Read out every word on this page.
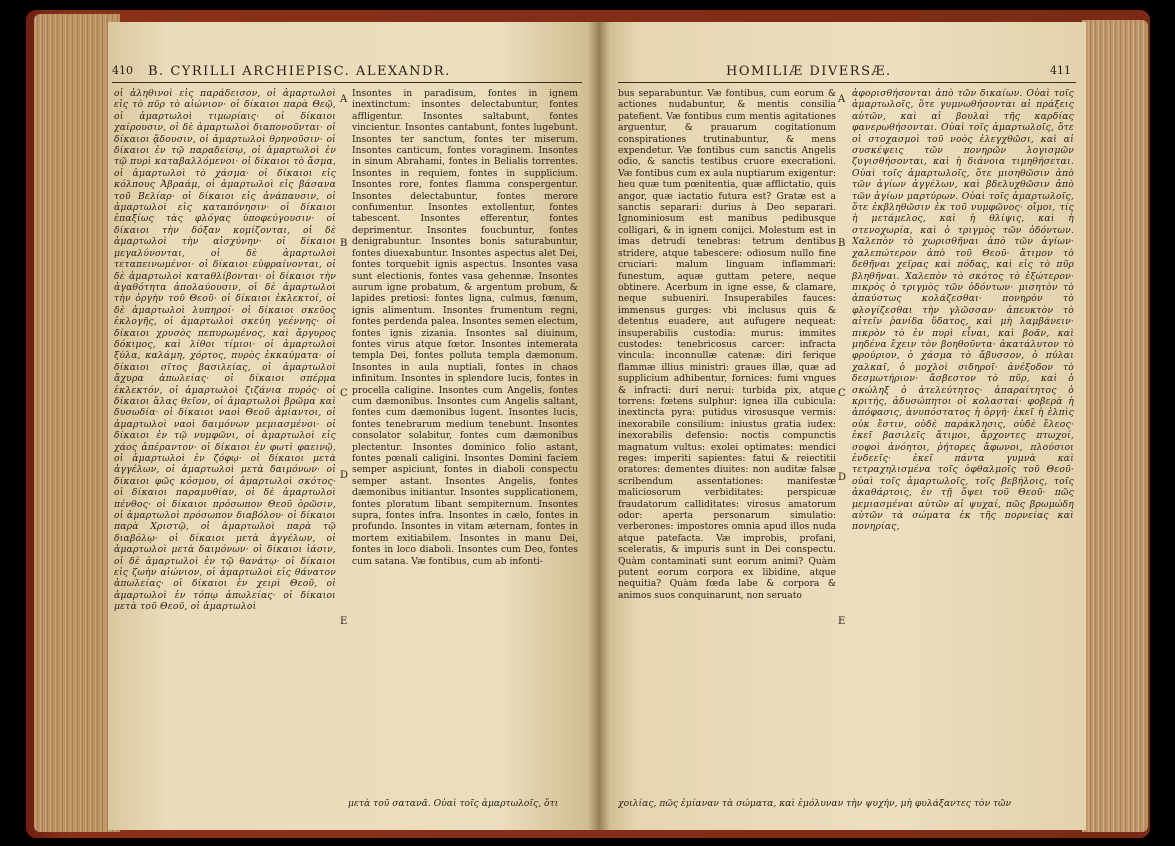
410 B. CYRILLI ARCHIEPISC. ALEXANDR.
οἱ ἀληθινοὶ εἰς παράδεισον, οἱ ἁμαρτωλοὶ εἰς τὸ πῦρ τὸ αἰώνιον· οἱ δίκαιοι παρὰ Θεῷ, οἱ ἁμαρτωλοὶ τιμωρίαις· οἱ δίκαιοι χαίρουσιν, οἱ δὲ ἁμαρτωλοὶ διαπονοῦνται· οἱ δίκαιοι ᾄδουσιν, οἱ ἁμαρτωλοὶ θρηνοῦσιν· οἱ δίκαιοι ἐν τῷ παραδείσῳ, οἱ ἁμαρτωλοὶ ἐν τῷ πυρὶ καταβαλλόμενοι· οἱ δίκαιοι τὸ ἄσμα, οἱ ἁμαρτωλοὶ τὸ χάσμα· οἱ δίκαιοι εἰς κόλπους Ἀβραάμ, οἱ ἁμαρτωλοὶ εἰς βάσανα τοῦ Βελίαρ· οἱ δίκαιοι εἰς ἀνάπαυσιν, οἱ ἁμαρτωλοὶ εἰς καταπόνησιν· οἱ δίκαιοι ἐπαξίως τὰς φλόγας ὑποφεύγουσιν· οἱ δίκαιοι τὴν δόξαν κομίζονται, οἱ δὲ ἁμαρτωλοὶ τὴν αἰσχύνην· οἱ δίκαιοι μεγαλύνονται, οἱ δὲ ἁμαρτωλοὶ τεταπεινωμένοι· οἱ δίκαιοι εὐφραίνονται, οἱ δὲ ἁμαρτωλοὶ καταθλίβονται· οἱ δίκαιοι τὴν ἀγαθότητα ἀπολαύουσιν, οἱ δὲ ἁμαρτωλοὶ τὴν ὀργὴν τοῦ Θεοῦ· οἱ δίκαιοι ἐκλεκτοί, οἱ δὲ ἁμαρτωλοὶ λυπηροί· οἱ δίκαιοι σκεῦος ἐκλογῆς, οἱ ἁμαρτωλοὶ σκεύη γεέννης· οἱ δίκαιοι χρυσὸς πεπυρωμένος, καὶ ἄργυρος δόκιμος, καὶ λίθοι τίμιοι· οἱ ἁμαρτωλοὶ ξύλα, καλάμη, χόρτος, πυρὸς ἐκκαύματα· οἱ δίκαιοι σῖτος βασιλείας, οἱ ἁμαρτωλοὶ ἄχυρα ἀπωλείας· οἱ δίκαιοι σπέρμα ἐκλεκτόν, οἱ ἁμαρτωλοὶ ζιζάνια πυρός· οἱ δίκαιοι ἅλας θεῖον, οἱ ἁμαρτωλοὶ βρῶμα καὶ δυσωδία· οἱ δίκαιοι ναοὶ Θεοῦ ἀμίαντοι, οἱ ἁμαρτωλοὶ ναοὶ δαιμόνων μεμιασμένοι· οἱ δίκαιοι ἐν τῷ νυμφῶνι, οἱ ἁμαρτωλοὶ εἰς χάος ἀπέραντον· οἱ δίκαιοι ἐν φωτὶ φαεινῷ, οἱ ἁμαρτωλοὶ ἐν ζόφῳ· οἱ δίκαιοι μετὰ ἀγγέλων, οἱ ἁμαρτωλοὶ μετὰ δαιμόνων· οἱ δίκαιοι φῶς κόσμου, οἱ ἁμαρτωλοὶ σκότος· οἱ δίκαιοι παραμυθίαν, οἱ δὲ ἁμαρτωλοὶ πένθος· οἱ δίκαιοι πρόσωπον Θεοῦ ὁρῶσιν, οἱ ἁμαρτωλοὶ πρόσωπον διαβόλου· οἱ δίκαιοι παρὰ Χριστῷ, οἱ ἁμαρτωλοὶ παρὰ τῷ διαβόλῳ· οἱ δίκαιοι μετὰ ἀγγέλων, οἱ ἁμαρτωλοὶ μετὰ δαιμόνων· οἱ δίκαιοι ἰάσιν, οἱ δὲ ἁμαρτωλοὶ ἐν τῷ θανάτῳ· οἱ δίκαιοι εἰς ζωὴν αἰώνιον, οἱ ἁμαρτωλοὶ εἰς θάνατον ἀπωλείας· οἱ δίκαιοι ἐν χειρὶ Θεοῦ, οἱ ἁμαρτωλοὶ ἐν τόπῳ ἀπωλείας· οἱ δίκαιοι μετὰ τοῦ Θεοῦ, οἱ ἁμαρτωλοὶ
A
B
C
D
E
Insontes in paradisum, fontes in ignem inextinctum: insontes delectabuntur, fontes affligentur. Insontes saltabunt, fontes vincientur. Insontes cantabunt, fontes lugebunt. Insontes ter sanctum, fontes ter miserum. Insontes canticum, fontes voraginem. Insontes in sinum Abrahami, fontes in Belialis torrentes. Insontes in requiem, fontes in supplicium. Insontes rore, fontes flamma conspergentur. Insontes delectabuntur, fontes merore confumentur. Insontes extollentur, fontes tabescent. Insontes efferentur, fontes deprimentur. Insontes foucbuntur, fontes denigrabuntur. Insontes bonis saturabuntur, fontes diuexabuntur. Insontes aspectus alet Dei, fontes torquebit ignis aspectus. Insontes vasa sunt electionis, fontes vasa gehennæ. Insontes aurum igne probatum, & argentum probum, & lapides pretiosi: fontes ligna, culmus, fœnum, ignis alimentum. Insontes frumentum regni, fontes perdenda palea. Insontes semen electum, fontes ignis zizania. Insontes sal diuinum, fontes virus atque fœtor. Insontes intemerata templa Dei, fontes polluta templa dæmonum. Insontes in aula nuptiali, fontes in chaos infinitum. Insontes in splendore lucis, fontes in procella caligine. Insontes cum Angelis, fontes cum dæmonibus. Insontes cum Angelis saltant, fontes cum dæmonibus lugent. Insontes lucis, fontes tenebrarum medium tenebunt. Insontes consolator solabitur, fontes cum dæmonibus plectentur. Insontes dominico folio astant, fontes pœnali caligini. Insontes Domini faciem semper aspiciunt, fontes in diaboli conspectu semper astant. Insontes Angelis, fontes dæmonibus initiantur. Insontes supplicationem, fontes ploratum libant sempiternum. Insontes supra, fontes infra. Insontes in cælo, fontes in profundo. Insontes in vitam æternam, fontes in mortem exitiabilem. Insontes in manu Dei, fontes in loco diaboli. Insontes cum Deo, fontes cum satana. Væ fontibus, cum ab infonti-
μετὰ τοῦ σατανᾶ. Οὐαὶ τοῖς ἁμαρτωλοῖς, ὅτι
HOMILIÆ DIVERSÆ.	411
bus separabuntur. Væ fontibus, cum eorum & actiones nudabuntur, & mentis consilia patefient. Væ fontibus cum mentis agitationes arguentur, & prauarum cogitationum conspirationes trutinabuntur, & mens expendetur. Væ fontibus cum sanctis Angelis odio, & sanctis testibus cruore execrationi. Væ fontibus cum ex aula nuptiarum exigentur: heu quæ tum pœnitentia, quæ afflictatio, quis angor, quæ iactatio futura est? Gratæ est a sanctis separari: durius à Deo separari. Ignominiosum est manibus pedibusque colligari, & in ignem conijci. Molestum est in imas detrudi tenebras: tetrum dentibus stridere, atque tabescere: odiosum nullo fine cruciari: malum linguam inflammari: funestum, aquæ guttam petere, neque obtinere. Acerbum in igne esse, & clamare, neque subueniri. Insuperabiles fauces: immensus gurges: vbi inclusus quis & detentus euadere, aut aufugere nequeat: insuperabilis custodia: murus: immites custodes: tenebricosus carcer: infracta vincula: inconnullæ catenæ: diri ferique flammæ illius ministri: graues illæ, quæ ad supplicium adhibentur, fornices: fumi vngues & infracti: duri nerui: turbida pix, atque torrens: fœtens sulphur: ignea illa cubicula: inextincta pyra: putidus virosusque vermis: inexorabile consilium: iniustus gratia iudex: inexorabilis defensio: noctis compunctis magnatum vultus: exolei optimates: mendici reges: imperiti sapientes: fatui & reiectitii oratores: dementes diuites: non auditæ falsæ scribendum assentationes: manifestæ maliciosorum verbiditates: perspicuæ fraudatorum calliditates: virosus amatorum odor: aperta personarum simulatio: verberones: impostores omnia apud illos nuda atque patefacta. Væ improbis, profani, sceleratis, & impuris sunt in Dei conspectu. Quàm contaminati sunt eorum animi? Quàm putent eorum corpora ex libidine, atque nequitia? Quàm fœda labe & corpora & animos suos conquinarunt, non seruato
A
B
C
D
E
ἀφορισθήσονται ἀπὸ τῶν δικαίων. Οὐαὶ τοῖς ἁμαρτωλοῖς, ὅτε γυμνωθήσονται αἱ πράξεις αὐτῶν, καὶ αἱ βουλαὶ τῆς καρδίας φανερωθήσονται. Οὐαὶ τοῖς ἁμαρτωλοῖς, ὅτε οἱ στοχασμοὶ τοῦ νοὸς ἐλεγχθῶσι, καὶ αἱ συσκέψεις τῶν πονηρῶν λογισμῶν ζυγισθήσονται, καὶ ἡ διάνοια τιμηθήσεται. Οὐαὶ τοῖς ἁμαρτωλοῖς, ὅτε μισηθῶσιν ἀπὸ τῶν ἁγίων ἀγγέλων, καὶ βδελυχθῶσιν ἀπὸ τῶν ἁγίων μαρτύρων. Οὐαὶ τοῖς ἁμαρτωλοῖς, ὅτε ἐκβληθῶσιν ἐκ τοῦ νυμφῶνος· οἴμοι, τίς ἡ μετάμελος, καὶ ἡ θλίψις, καὶ ἡ στενοχωρία, καὶ ὁ τριγμὸς τῶν ὀδόντων. Χαλεπὸν τὸ χωρισθῆναι ἀπὸ τῶν ἁγίων· χαλεπώτερον ἀπὸ τοῦ Θεοῦ· ἄτιμον τὸ δεθῆναι χεῖρας καὶ πόδας, καὶ εἰς τὸ πῦρ βληθῆναι. Χαλεπὸν τὸ σκότος τὸ ἐξώτερον· πικρὸς ὁ τριγμὸς τῶν ὀδόντων· μισητὸν τὸ ἀπαύστως κολάζεσθαι· πονηρὸν τὸ φλογίζεσθαι τὴν γλῶσσαν· ἀπευκτὸν τὸ αἰτεῖν ῥανίδα ὕδατος, καὶ μὴ λαμβάνειν· πικρὸν τὸ ἐν πυρὶ εἶναι, καὶ βοᾶν, καὶ μηδένα ἔχειν τὸν βοηθοῦντα· ἀκατάλυτον τὸ φρούριον, ὁ χάσμα τὸ ἄβυσσον, ὁ πύλαι χαλκαῖ, ὁ μοχλοὶ σιδηροῖ· ἀνέξοδον τὸ δεσμωτήριον· ἄσβεστον τὸ πῦρ, καὶ ὁ σκώληξ ὁ ἀτελεύτητος· ἀπαραίτητος ὁ κριτής, ἀδυσώπητοι οἱ κολασταί· φοβερὰ ἡ ἀπόφασις, ἀνυπόστατος ἡ ὀργή· ἐκεῖ ἡ ἐλπὶς οὐκ ἔστιν, οὐδὲ παράκλησις, οὐδὲ ἔλεος· ἐκεῖ βασιλεῖς ἄτιμοι, ἄρχοντες πτωχοί, σοφοὶ ἀνόητοι, ῥήτορες ἄφωνοι, πλούσιοι ἐνδεεῖς· ἐκεῖ πάντα γυμνὰ καὶ τετραχηλισμένα τοῖς ὀφθαλμοῖς τοῦ Θεοῦ· οὐαὶ τοῖς ἁμαρτωλοῖς, τοῖς βεβήλοις, τοῖς ἀκαθάρτοις, ἐν τῇ ὄψει τοῦ Θεοῦ· πῶς μεμιασμέναι αὐτῶν αἱ ψυχαί, πῶς βρωμώδη αὐτῶν τὰ σώματα ἐκ τῆς πορνείας καὶ πονηρίας,
χοιλίας, πῶς ἐμίαναν τὰ σώματα, καὶ ἐμόλυναν τὴν ψυχήν, μὴ φυλάξαντες τὸν τῶν
